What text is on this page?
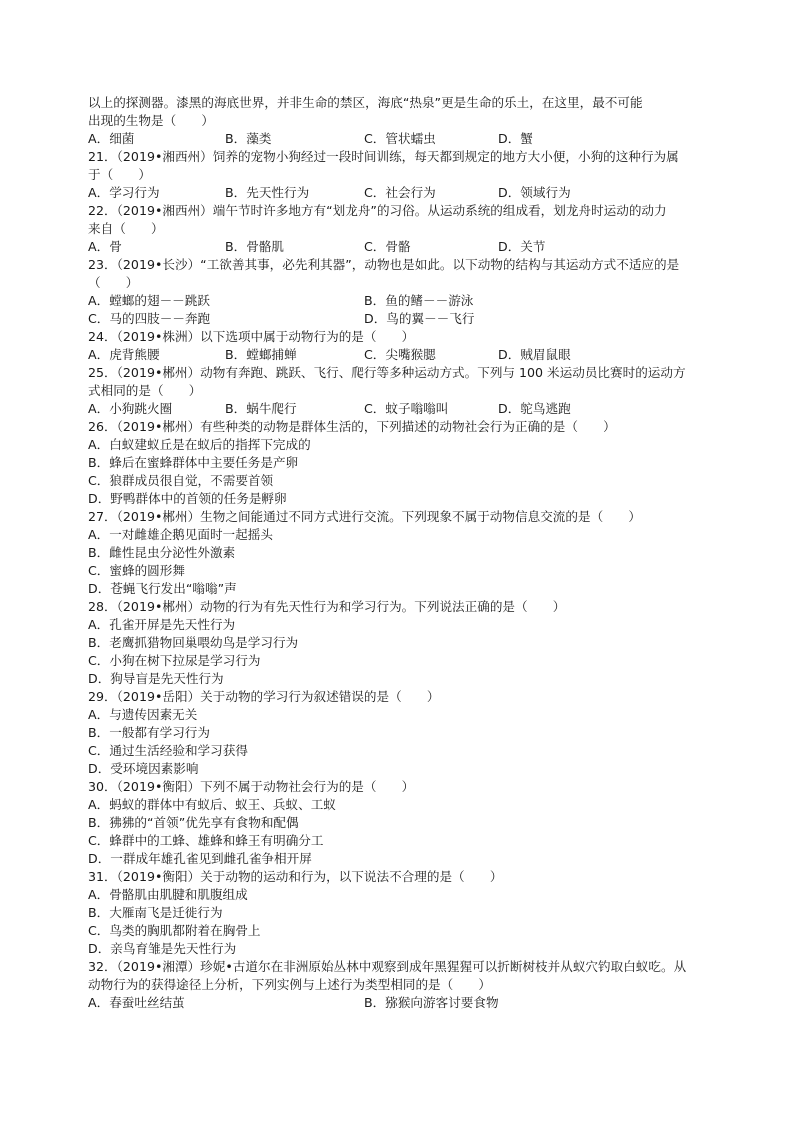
以上的探测器。漆黑的海底世界，并非生命的禁区，海底“热泉”更是生命的乐土，在这里，最不可能
出现的生物是（　　）
A．细菌	B．藻类	C．管状蠕虫	D．蟹
21．（2019•湘西州）饲养的宠物小狗经过一段时间训练，每天都到规定的地方大小便，小狗的这种行为属
于（　　）
A．学习行为	B．先天性行为	C．社会行为	D．领域行为
22．（2019•湘西州）端午节时许多地方有“划龙舟”的习俗。从运动系统的组成看，划龙舟时运动的动力
来自（　　）
A．骨	B．骨骼肌	C．骨骼	D．关节
23．（2019•长沙）“工欲善其事，必先利其器”，动物也是如此。以下动物的结构与其运动方式不适应的是
（　　）
A．螳螂的翅－－跳跃	B．鱼的鳍－－游泳
C．马的四肢－－奔跑	D．鸟的翼－－飞行
24．（2019•株洲）以下选项中属于动物行为的是（　　）
A．虎背熊腰	B．螳螂捕蝉	C．尖嘴猴腮	D．贼眉鼠眼
25．（2019•郴州）动物有奔跑、跳跃、飞行、爬行等多种运动方式。下列与 100 米运动员比赛时的运动方
式相同的是（　　）
A．小狗跳火圈	B．蜗牛爬行	C．蚊子嗡嗡叫	D．鸵鸟逃跑
26．（2019•郴州）有些种类的动物是群体生活的，下列描述的动物社会行为正确的是（　　）
A．白蚁建蚁丘是在蚁后的指挥下完成的
B．蜂后在蜜蜂群体中主要任务是产卵
C．狼群成员很自觉，不需要首领
D．野鸭群体中的首领的任务是孵卵
27．（2019•郴州）生物之间能通过不同方式进行交流。下列现象不属于动物信息交流的是（　　）
A．一对雌雄企鹅见面时一起摇头
B．雌性昆虫分泌性外激素
C．蜜蜂的圆形舞
D．苍蝇飞行发出“嗡嗡”声
28．（2019•郴州）动物的行为有先天性行为和学习行为。下列说法正确的是（　　）
A．孔雀开屏是先天性行为
B．老鹰抓猎物回巢喂幼鸟是学习行为
C．小狗在树下拉尿是学习行为
D．狗导盲是先天性行为
29．（2019•岳阳）关于动物的学习行为叙述错误的是（　　）
A．与遗传因素无关
B．一般都有学习行为
C．通过生活经验和学习获得
D．受环境因素影响
30．（2019•衡阳）下列不属于动物社会行为的是（　　）
A．蚂蚁的群体中有蚁后、蚁王、兵蚁、工蚁
B．狒狒的“首领”优先享有食物和配偶
C．蜂群中的工蜂、雄蜂和蜂王有明确分工
D．一群成年雄孔雀见到雌孔雀争相开屏
31．（2019•衡阳）关于动物的运动和行为，以下说法不合理的是（　　）
A．骨骼肌由肌腱和肌腹组成
B．大雁南飞是迁徙行为
C．鸟类的胸肌都附着在胸骨上
D．亲鸟育雏是先天性行为
32．（2019•湘潭）珍妮•古道尔在非洲原始丛林中观察到成年黑猩猩可以折断树枝并从蚁穴钓取白蚁吃。从
动物行为的获得途径上分析，下列实例与上述行为类型相同的是（　　）
A．春蚕吐丝结茧	B．猕猴向游客讨要食物
